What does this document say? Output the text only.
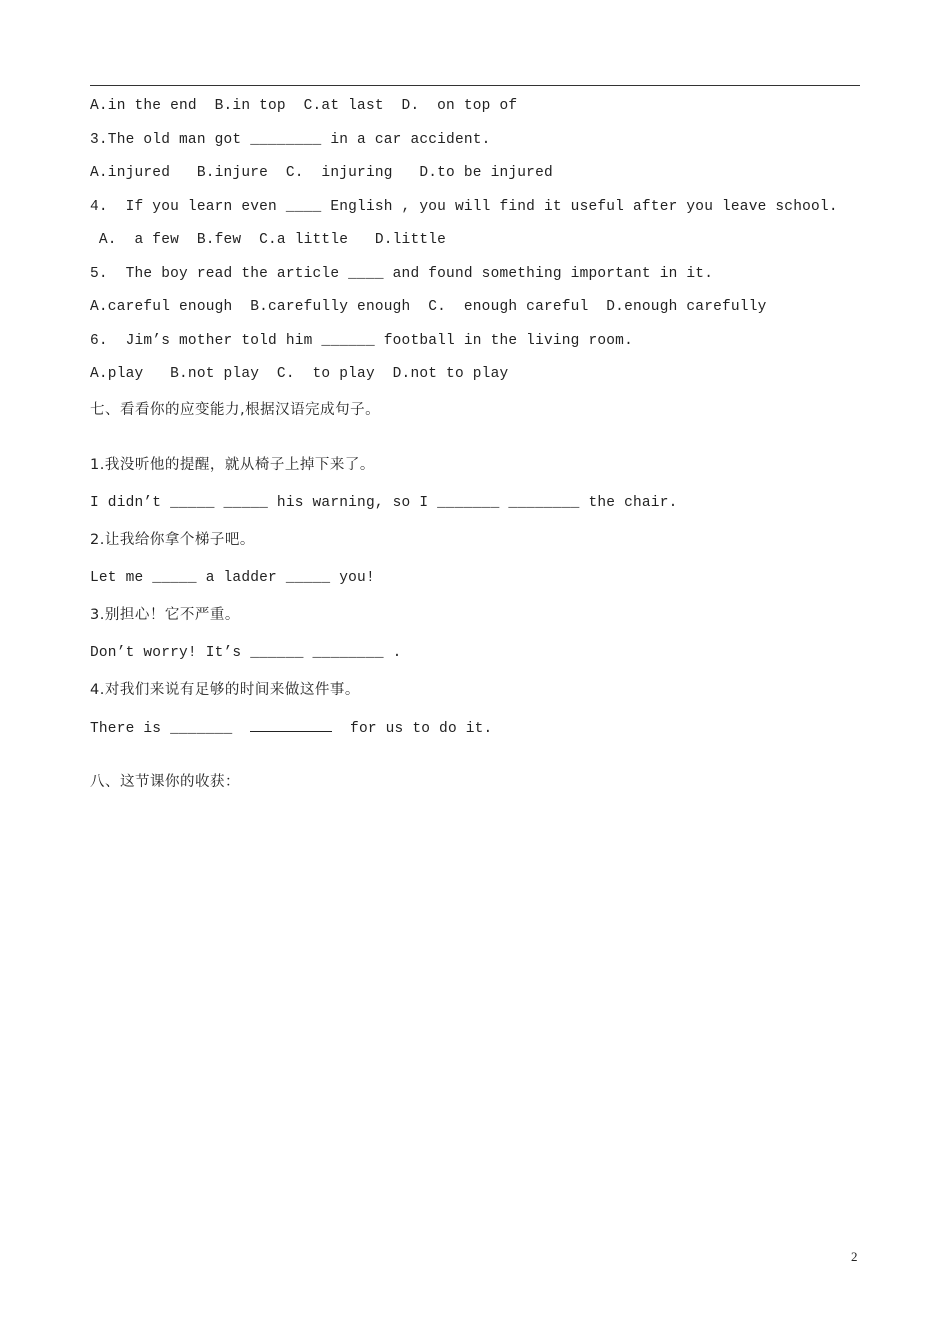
A.in the end  B.in top  C.at last  D.  on top of
3.The old man got ________ in a car accident.
A.injured   B.injure  C.  injuring   D.to be injured
4.  If you learn even ____ English , you will find it useful after you leave school.
A.  a few  B.few  C.a little   D.little
5.  The boy read the article ____ and found something important in it.
A.careful enough  B.carefully enough  C.  enough careful  D.enough carefully
6.  Jim’s mother told him ______ football in the living room.
A.play   B.not play  C.  to play  D.not to play
七、看看你的应变能力,根据汉语完成句子。
1.我没听他的提醒，就从椅子上掉下来了。
I didn’t _____ _____ his warning, so I _______ ________ the chair.
2.让我给你拿个梯子吧。
Let me _____ a ladder _____ you!
3.别担心！它不严重。
Don’t worry! It’s ______ ________ .
4.对我们来说有足够的时间来做这件事。
There is _______	for us to do it.
八、这节课你的收获：
2
